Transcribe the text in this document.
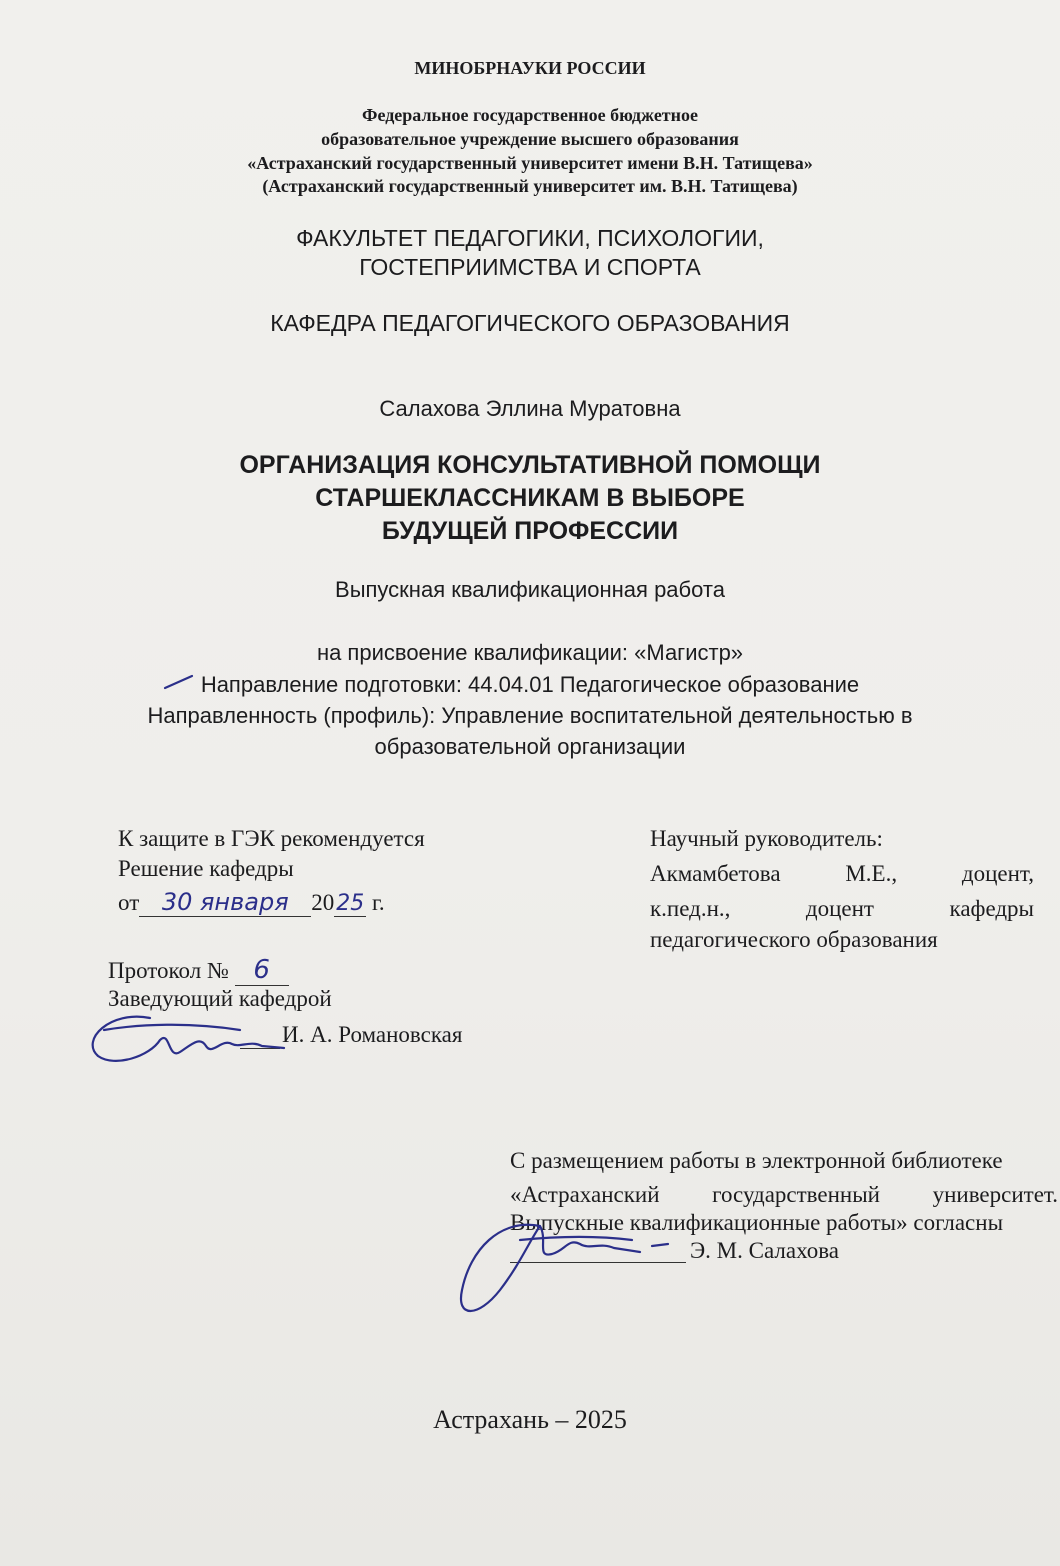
МИНОБРНАУКИ РОССИИ
Федеральное государственное бюджетное
образовательное учреждение высшего образования
«Астраханский государственный университет имени В.Н. Татищева»
(Астраханский государственный университет им. В.Н. Татищева)
ФАКУЛЬТЕТ ПЕДАГОГИКИ, ПСИХОЛОГИИ,
ГОСТЕПРИИМСТВА И СПОРТА
КАФЕДРА ПЕДАГОГИЧЕСКОГО ОБРАЗОВАНИЯ
Салахова Эллина Муратовна
ОРГАНИЗАЦИЯ КОНСУЛЬТАТИВНОЙ ПОМОЩИ
СТАРШЕКЛАССНИКАМ В ВЫБОРЕ
БУДУЩЕЙ ПРОФЕССИИ
Выпускная квалификационная работа
на присвоение квалификации: «Магистр»
Направление подготовки: 44.04.01 Педагогическое образование
Направленность (профиль): Управление воспитательной деятельностью в
образовательной организации
К защите в ГЭК рекомендуется
Решение кафедры
от 30 января 2025 г.
Протокол № 6
Заведующий кафедрой
И. А. Романовская
Научный руководитель:
Акмамбетова	М.Е.,	доцент,
к.пед.н.,	доцент	кафедры
педагогического образования
С размещением работы в электронной библиотеке
«Астраханский государственный университет.
Выпускные квалификационные работы» согласны
Э. М. Салахова
Астрахань – 2025
